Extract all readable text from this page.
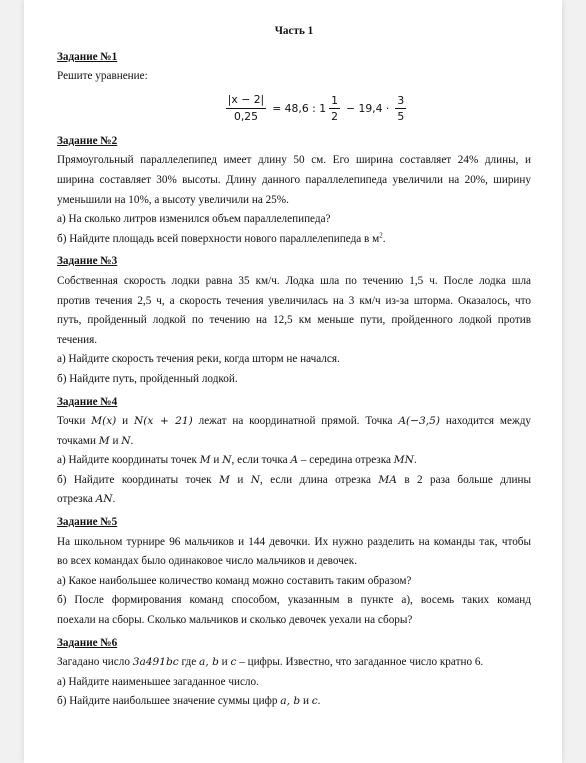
Часть 1

Задание №1

Решите уравнение:

$\frac{|x - 2|}{0,25} = 48,6$ : $1 \frac{1}{2} - 19,4 \cdot \frac{3}{5}$

Задание №2

Прямоугольный параллелепипед имеет длину 50 см. Его ширина составляет 24% длины, и

ширина составляет 30% высоты. Длину данного параллелепипеда увеличили на 20%, ширину

уменьшили на 10%, а высоту увеличили на 25%.

а) На сколько литров изменился объем параллелепипеда?

б) Найдите площадь всей поверхности нового параллелепипеда в $м^2$.

Задание №3

Собственная скорость лодки равна 35 км/ч. Лодка шла по течению 1,5 ч. После лодка шла

против течения 2,5 ч, а скорость течения увеличилась на 3 км/ч из-за шторма. Оказалось, что

путь, пройденный лодкой по течению на 12,5 км меньше пути, пройденного лодкой против

течения.

а) Найдите скорость течения реки, когда шторм не начался.

б) Найдите путь, пройденный лодкой.

Задание №4

Точки M(x) и N(x + 21) лежат на координатной прямой. Точка A(−3,5) находится между

точками M и N.

а) Найдите координаты точек M и N, если точка A – середина отрезка MN.

б) Найдите координаты точек M и N, если длина отрезка MA в 2 раза больше длины

отрезка AN.

Задание №5

На школьном турнире 96 мальчиков и 144 девочки. Их нужно разделить на команды так, чтобы

во всех командах было одинаковое число мальчиков и девочек.

а) Какое наибольшее количество команд можно составить таким образом?

б) После формирования команд способом, указанным в пункте а), восемь таких команд

поехали на сборы. Сколько мальчиков и сколько девочек уехали на сборы?

Задание №6

Загадано число 3a491bc где a, b и c – цифры. Известно, что загаданное число кратно 6.

а) Найдите наименьшее загаданное число.

б) Найдите наибольшее значение суммы цифр a, b и c.
